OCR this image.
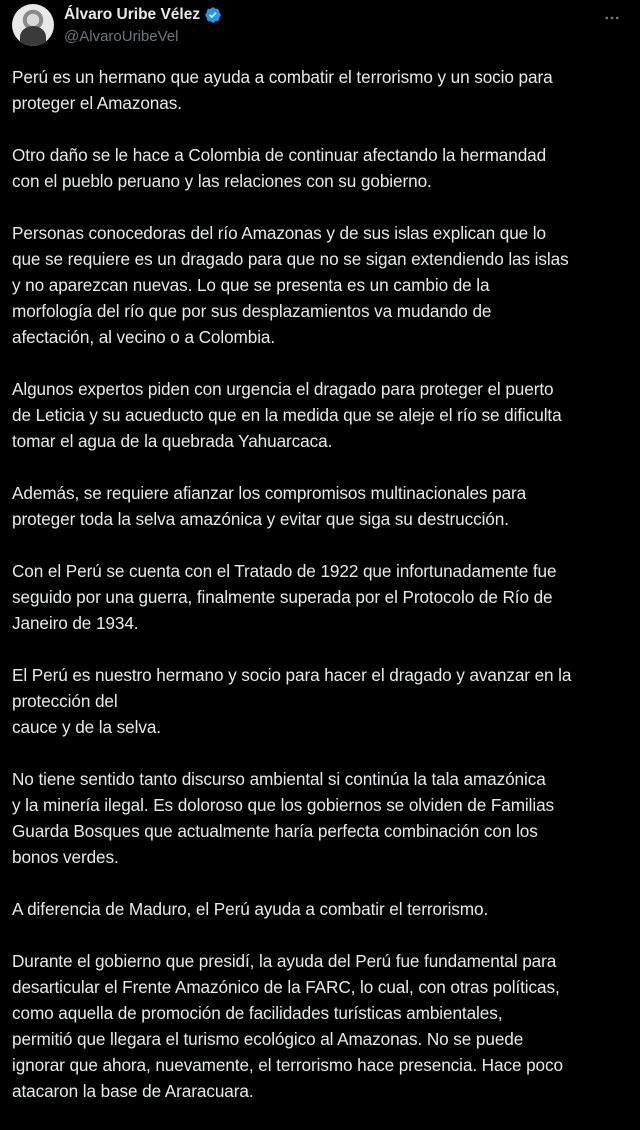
Álvaro Uribe Vélez
@AlvaroUribeVel

Perú es un hermano que ayuda a combatir el terrorismo y un socio para
proteger el Amazonas.

Otro daño se le hace a Colombia de continuar afectando la hermandad
con el pueblo peruano y las relaciones con su gobierno.

Personas conocedoras del río Amazonas y de sus islas explican que lo
que se requiere es un dragado para que no se sigan extendiendo las islas
y no aparezcan nuevas. Lo que se presenta es un cambio de la
morfología del río que por sus desplazamientos va mudando de
afectación, al vecino o a Colombia.

Algunos expertos piden con urgencia el dragado para proteger el puerto
de Leticia y su acueducto que en la medida que se aleje el río se dificulta
tomar el agua de la quebrada Yahuarcaca.

Además, se requiere afianzar los compromisos multinacionales para
proteger toda la selva amazónica y evitar que siga su destrucción.

Con el Perú se cuenta con el Tratado de 1922 que infortunadamente fue
seguido por una guerra, finalmente superada por el Protocolo de Río de
Janeiro de 1934.

El Perú es nuestro hermano y socio para hacer el dragado y avanzar en la
protección del
cauce y de la selva.

No tiene sentido tanto discurso ambiental si continúa la tala amazónica
y la minería ilegal. Es doloroso que los gobiernos se olviden de Familias
Guarda Bosques que actualmente haría perfecta combinación con los
bonos verdes.

A diferencia de Maduro, el Perú ayuda a combatir el terrorismo.

Durante el gobierno que presidí, la ayuda del Perú fue fundamental para
desarticular el Frente Amazónico de la FARC, lo cual, con otras políticas,
como aquella de promoción de facilidades turísticas ambientales,
permitió que llegara el turismo ecológico al Amazonas. No se puede
ignorar que ahora, nuevamente, el terrorismo hace presencia. Hace poco
atacaron la base de Araracuara.
